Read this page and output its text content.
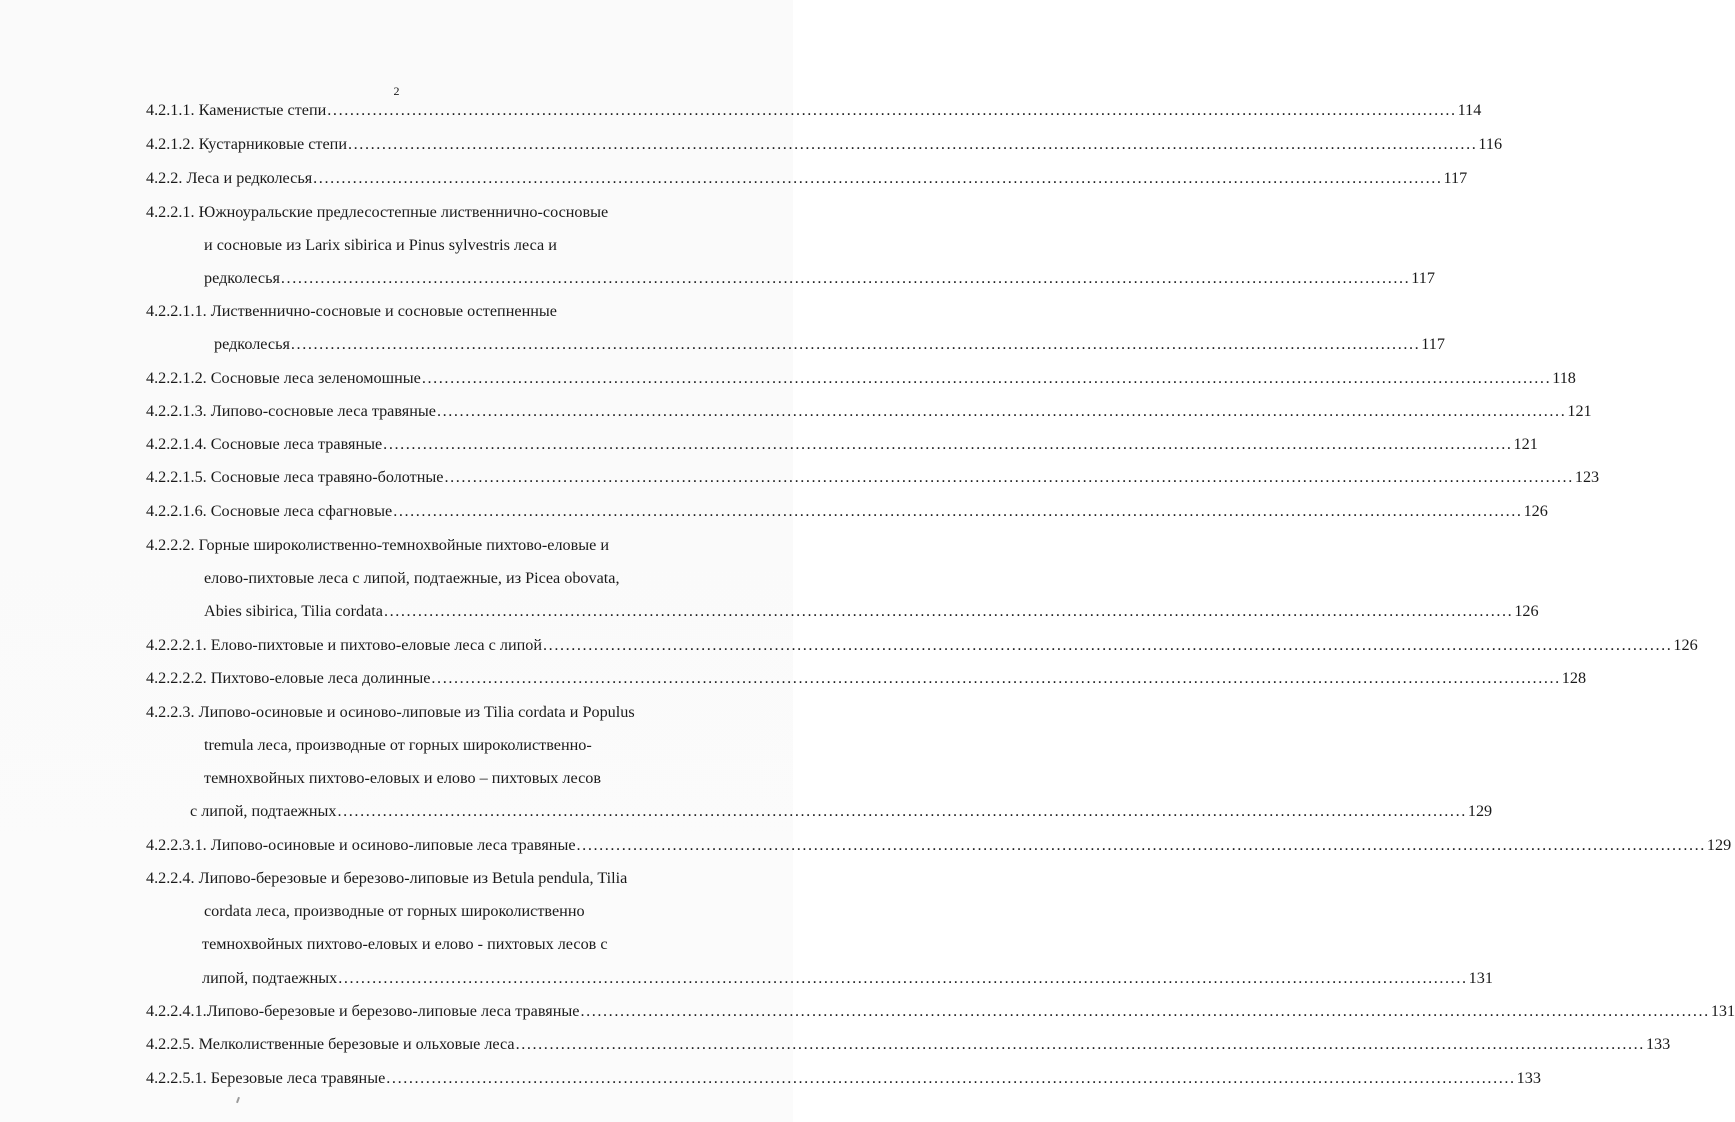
2
4.2.1.1. Каменистые степи ........................................................................................................................................................................................................ 114
4.2.1.2. Кустарниковые степи ........................................................................................................................................................................................................ 116
4.2.2. Леса и редколесья ........................................................................................................................................................................................................ 117
4.2.2.1. Южноуральские предлесостепные лиственнично-сосновые
и сосновые из Larix sibirica и Pinus sylvestris леса и
редколесья ........................................................................................................................................................................................................ 117
4.2.2.1.1. Лиственнично-сосновые и сосновые остепненные
редколесья ........................................................................................................................................................................................................ 117
4.2.2.1.2. Сосновые леса зеленомошные ........................................................................................................................................................................................................ 118
4.2.2.1.3. Липово-сосновые леса травяные ........................................................................................................................................................................................................ 121
4.2.2.1.4. Сосновые леса травяные ........................................................................................................................................................................................................ 121
4.2.2.1.5. Сосновые леса травяно-болотные ........................................................................................................................................................................................................ 123
4.2.2.1.6. Сосновые леса сфагновые ........................................................................................................................................................................................................ 126
4.2.2.2. Горные широколиственно-темнохвойные пихтово-еловые и
елово-пихтовые леса с липой, подтаежные, из Picea obovata,
Abies sibirica, Tilia cordata ........................................................................................................................................................................................................ 126
4.2.2.2.1. Елово-пихтовые и пихтово-еловые леса с липой ........................................................................................................................................................................................................ 126
4.2.2.2.2. Пихтово-еловые леса долинные ........................................................................................................................................................................................................ 128
4.2.2.3. Липово-осиновые и осиново-липовые из Tilia cordata и Populus
tremula леса, производные от горных широколиственно-
темнохвойных пихтово-еловых и елово – пихтовых лесов
с липой, подтаежных ........................................................................................................................................................................................................ 129
4.2.2.3.1. Липово-осиновые и осиново-липовые леса травяные ........................................................................................................................................................................................................ 129
4.2.2.4. Липово-березовые и березово-липовые из Betula pendula, Tilia
cordata леса, производные от горных широколиственно
темнохвойных пихтово-еловых и елово - пихтовых лесов с
липой, подтаежных ........................................................................................................................................................................................................ 131
4.2.2.4.1.Липово-березовые и березово-липовые леса травяные ........................................................................................................................................................................................................ 131
4.2.2.5. Мелколиственные березовые и ольховые леса ........................................................................................................................................................................................................ 133
4.2.2.5.1. Березовые леса травяные ........................................................................................................................................................................................................ 133
